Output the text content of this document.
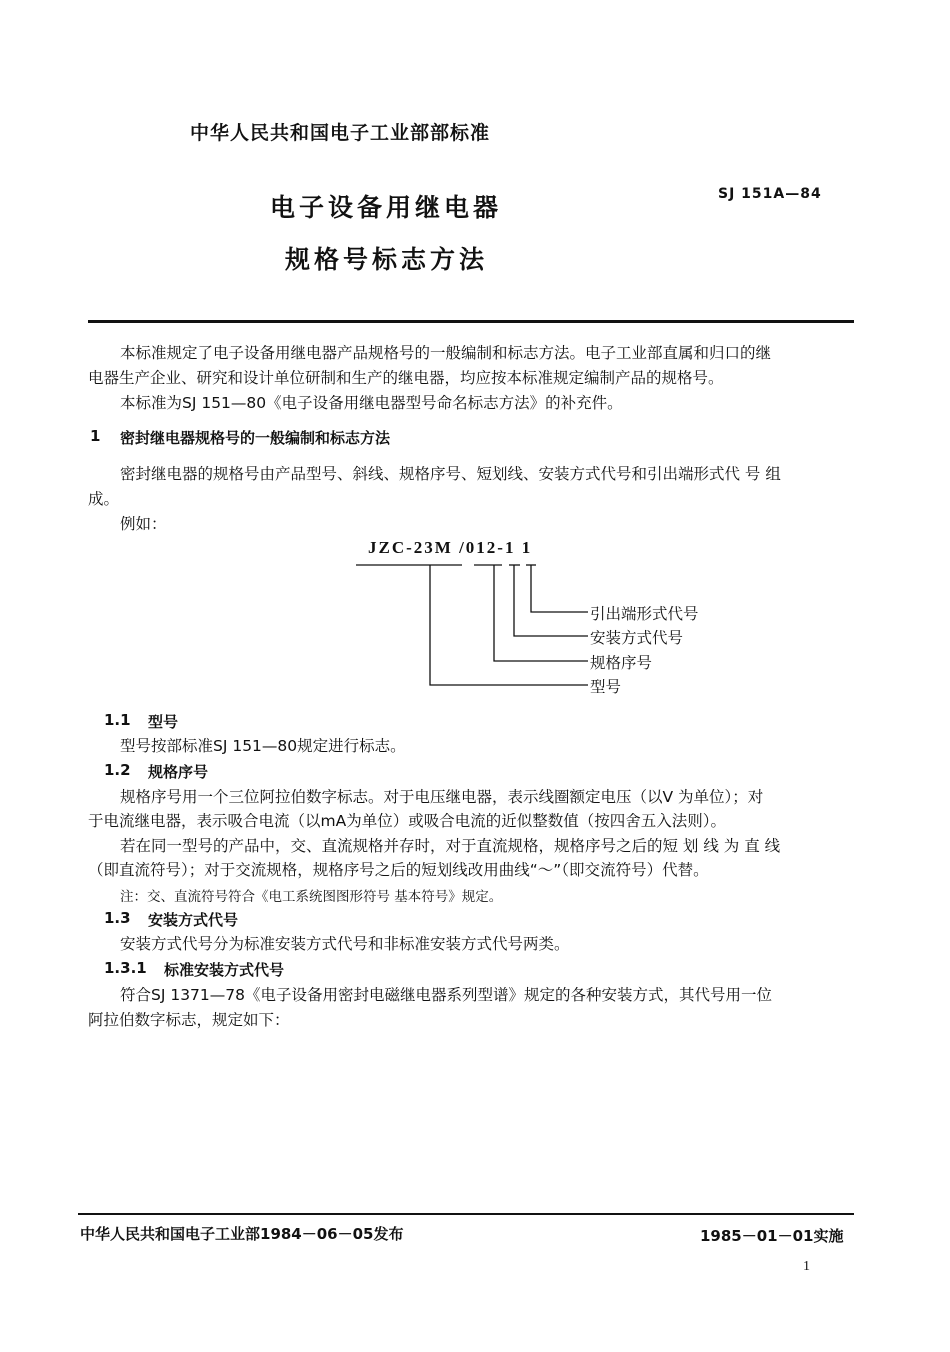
中华人民共和国电子工业部部标准
电子设备用继电器
规格号标志方法
SJ 151A—84
本标准规定了电子设备用继电器产品规格号的一般编制和标志方法。电子工业部直属和归口的继
电器生产企业、研究和设计单位研制和生产的继电器，均应按本标准规定编制产品的规格号。
本标准为SJ 151—80《电子设备用继电器型号命名标志方法》的补充件。
1 密封继电器规格号的一般编制和标志方法
密封继电器的规格号由产品型号、斜线、规格序号、短划线、安装方式代号和引出端形式代 号 组
成。
例如：
JZC-23M /012-1 1
引出端形式代号
安装方式代号
规格序号
型号
1.1 型号
型号按部标准SJ 151—80规定进行标志。
1.2 规格序号
规格序号用一个三位阿拉伯数字标志。对于电压继电器，表示线圈额定电压（以V 为单位）；对
于电流继电器，表示吸合电流（以mA为单位）或吸合电流的近似整数值（按四舍五入法则）。
若在同一型号的产品中，交、直流规格并存时，对于直流规格，规格序号之后的短 划 线 为 直 线
（即直流符号）；对于交流规格，规格序号之后的短划线改用曲线“～”（即交流符号）代替。
注：交、直流符号符合《电工系统图图形符号 基本符号》规定。
1.3 安装方式代号
安装方式代号分为标准安装方式代号和非标准安装方式代号两类。
1.3.1 标准安装方式代号
符合SJ 1371—78《电子设备用密封电磁继电器系列型谱》规定的各种安装方式，其代号用一位
阿拉伯数字标志，规定如下：
中华人民共和国电子工业部1984－06－05发布	1985－01－01实施
1
